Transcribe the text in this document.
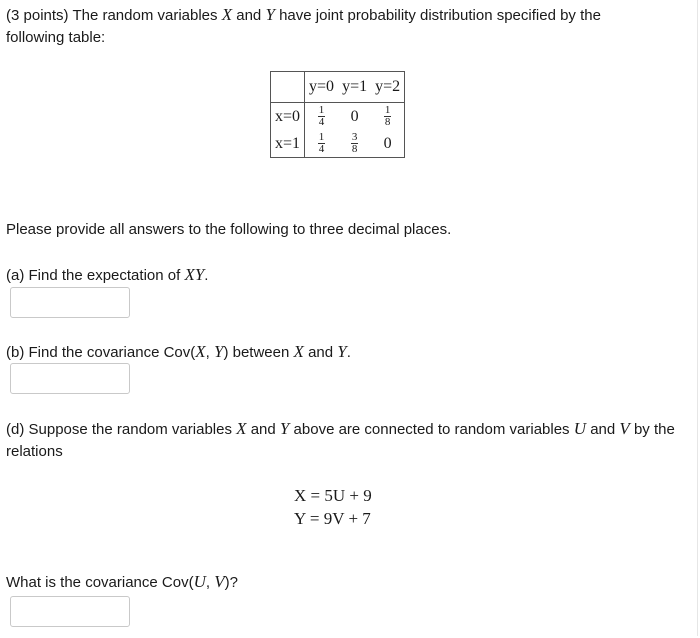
(3 points) The random variables X and Y have joint probability distribution specified by the following table:

	y=0	y=1	y=2
x=0	$\frac{1}{4}$	0	$\frac{1}{8}$

x=1	$\frac{1}{4}$	$\frac{3}{8}$	0

Please provide all answers to the following to three decimal places.

(a) Find the expectation of XY.

(b) Find the covariance Cov(X, Y) between X and Y.

(d) Suppose the random variables X and Y above are connected to random variables U and V by the relations

X = 5U + 9
Y = 9V + 7

What is the covariance Cov(U, V)?
